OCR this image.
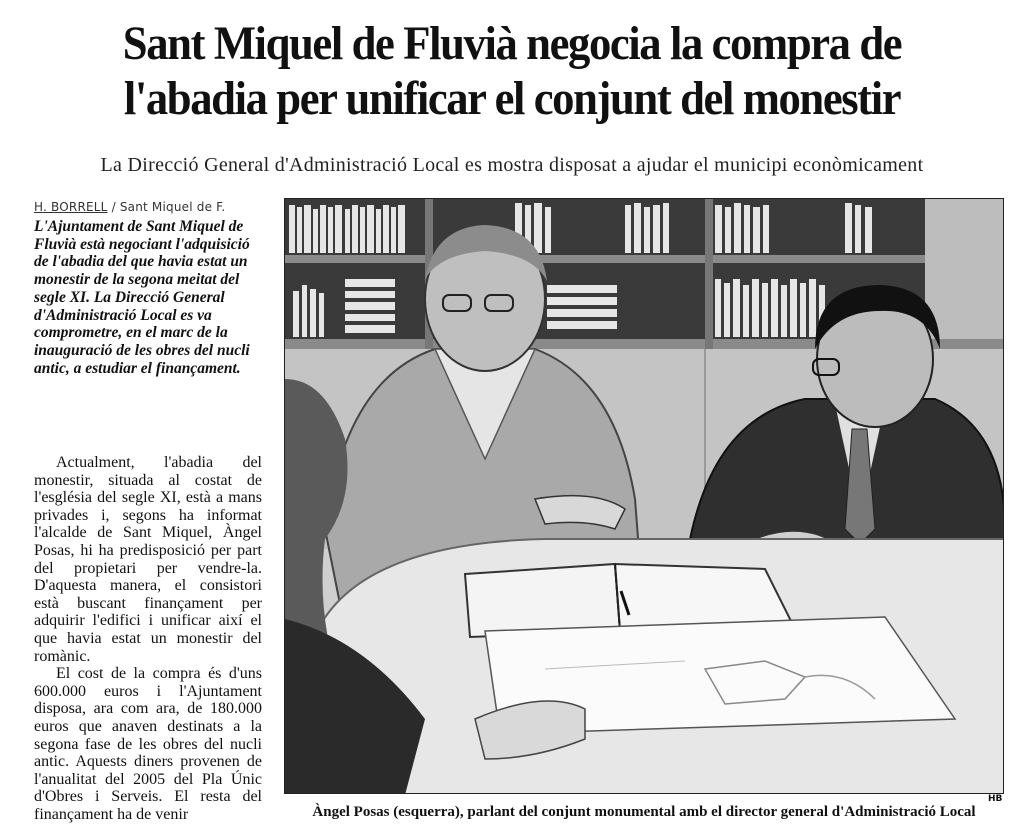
Sant Miquel de Fluvià negocia la compra de
l'abadia per unificar el conjunt del monestir
La Direcció General d'Administració Local es mostra disposat a ajudar el municipi econòmicament
H. BORRELL / Sant Miquel de F.

L'Ajuntament de Sant Miquel de Fluvià està negociant l'adquisició de l'abadia del que havia estat un monestir de la segona meitat del segle XI. La Direcció General d'Administració Local es va comprometre, en el marc de la inauguració de les obres del nucli antic, a estudiar el finançament.

Actualment, l'abadia del monestir, situada al costat de l'església del segle XI, està a mans privades i, segons ha informat l'alcalde de Sant Miquel, Àngel Posas, hi ha predisposició per part del propietari per vendre-la. D'aquesta manera, el consistori està buscant finançament per adquirir l'edifici i unificar així el que havia estat un monestir del romànic.

El cost de la compra és d'uns 600.000 euros i l'Ajuntament disposa, ara com ara, de 180.000 euros que anaven destinats a la segona fase de les obres del nucli antic. Aquests diners provenen de l'anualitat del 2005 del Pla Únic d'Obres i Serveis. El resta del finançament ha de venir

HB
Àngel Posas (esquerra), parlant del conjunt monumental amb el director general d'Administració Local
